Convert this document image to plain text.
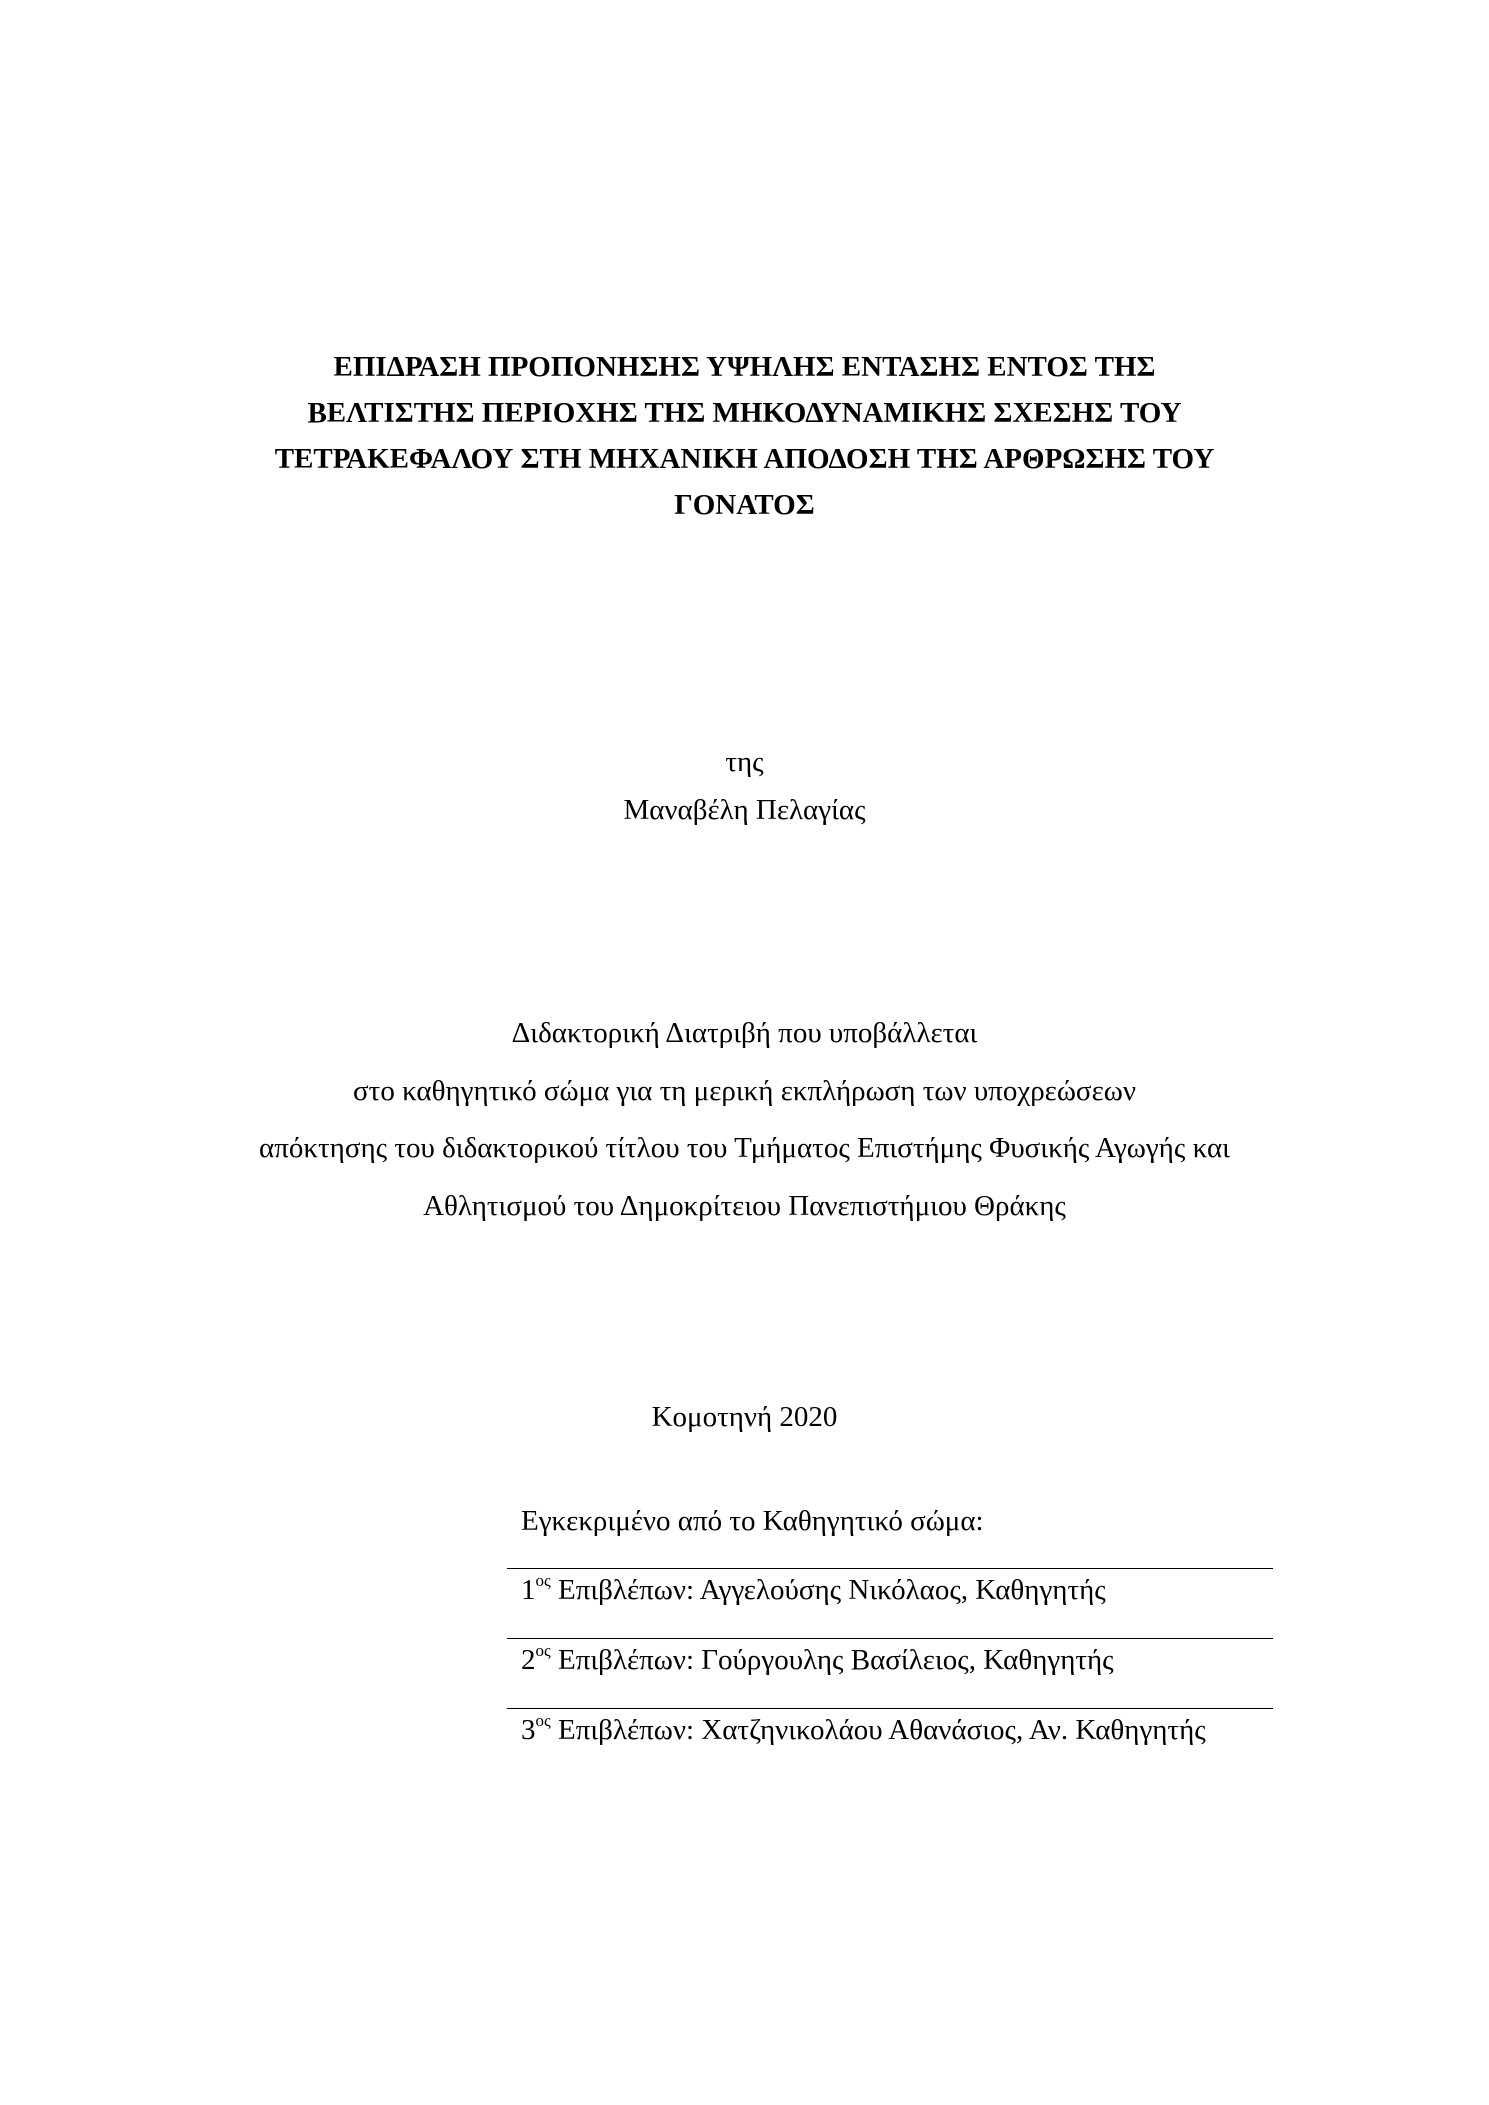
ΕΠΙΔΡΑΣΗ ΠΡΟΠΟΝΗΣΗΣ ΥΨΗΛΗΣ ΕΝΤΑΣΗΣ ΕΝΤΟΣ ΤΗΣ
ΒΕΛΤΙΣΤΗΣ ΠΕΡΙΟΧΗΣ ΤΗΣ ΜΗΚΟΔΥΝΑΜΙΚΗΣ ΣΧΕΣΗΣ ΤΟΥ
ΤΕΤΡΑΚΕΦΑΛΟΥ ΣΤΗ ΜΗΧΑΝΙΚΗ ΑΠΟΔΟΣΗ ΤΗΣ ΑΡΘΡΩΣΗΣ ΤΟΥ
ΓΟΝΑΤΟΣ
της
Μαναβέλη Πελαγίας
Διδακτορική Διατριβή που υποβάλλεται
στο καθηγητικό σώμα για τη μερική εκπλήρωση των υποχρεώσεων
απόκτησης του διδακτορικού τίτλου του Τμήματος Επιστήμης Φυσικής Αγωγής και
Αθλητισμού του Δημοκρίτειου Πανεπιστήμιου Θράκης
Κομοτηνή 2020
Εγκεκριμένο από το Καθηγητικό σώμα:
$1^{o\varsigma}$ Επιβλέπων: Αγγελούσης Νικόλαος, Καθηγητής
$2^{o\varsigma}$ Επιβλέπων: Γούργουλης Βασίλειος, Καθηγητής
$3^{o\varsigma}$ Επιβλέπων: Χατζηνικολάου Αθανάσιος, Αν. Καθηγητής
